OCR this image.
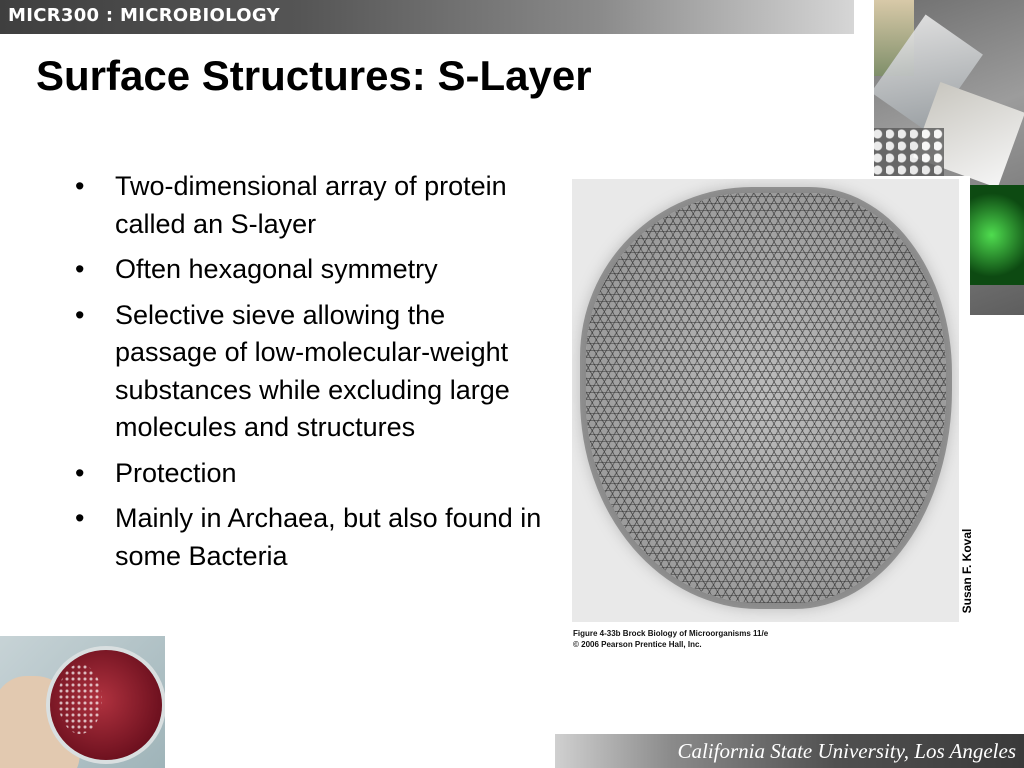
MICR300 : MICROBIOLOGY
Surface Structures: S-Layer
• Two-dimensional array of protein called an S-layer
• Often hexagonal symmetry
• Selective sieve allowing the passage of low-molecular-weight substances while excluding large molecules and structures
• Protection
• Mainly in Archaea, but also found in some Bacteria	Susan F. Koval
Figure 4-33b Brock Biology of Microorganisms 11/e
© 2006 Pearson Prentice Hall, Inc.
California State University, Los Angeles
